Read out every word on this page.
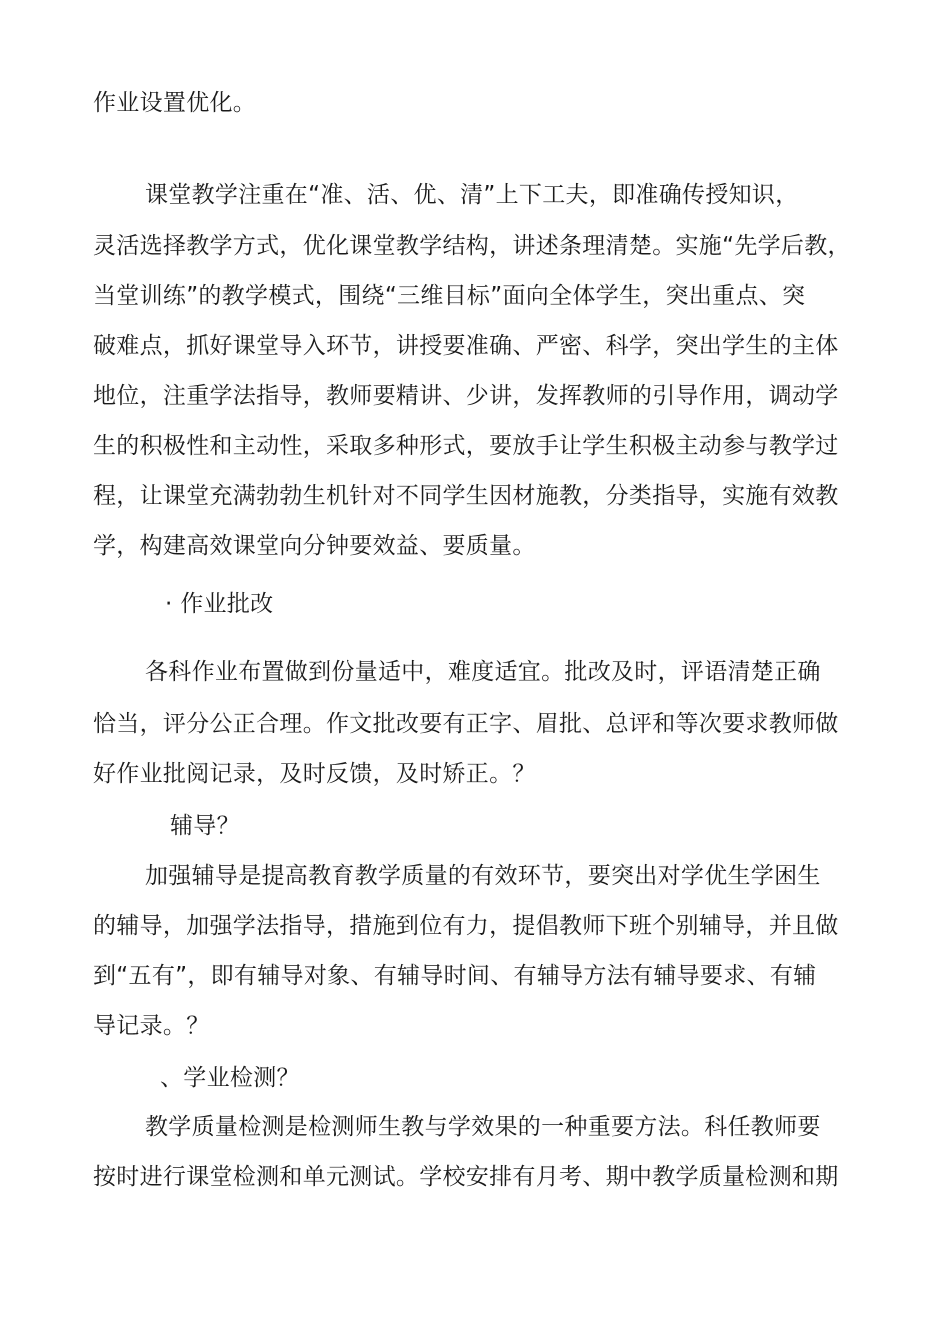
作业设置优化。
课堂教学注重在“准、活、优、清”上下工夫，即准确传授知识，
灵活选择教学方式，优化课堂教学结构，讲述条理清楚。实施“先学后教，
当堂训练”的教学模式，围绕“三维目标”面向全体学生，突出重点、突
破难点，抓好课堂导入环节，讲授要准确、严密、科学，突出学生的主体
地位，注重学法指导，教师要精讲、少讲，发挥教师的引导作用，调动学
生的积极性和主动性，采取多种形式，要放手让学生积极主动参与教学过
程，让课堂充满勃勃生机针对不同学生因材施教，分类指导，实施有效教
学，构建高效课堂向分钟要效益、要质量。
· 作业批改
各科作业布置做到份量适中，难度适宜。批改及时，评语清楚正确
恰当，评分公正合理。作文批改要有正字、眉批、总评和等次要求教师做
好作业批阅记录，及时反馈，及时矫正。？
辅导？
加强辅导是提高教育教学质量的有效环节，要突出对学优生学困生
的辅导，加强学法指导，措施到位有力，提倡教师下班个别辅导，并且做
到“五有”，即有辅导对象、有辅导时间、有辅导方法有辅导要求、有辅
导记录。？
、学业检测？
教学质量检测是检测师生教与学效果的一种重要方法。科任教师要
按时进行课堂检测和单元测试。学校安排有月考、期中教学质量检测和期
